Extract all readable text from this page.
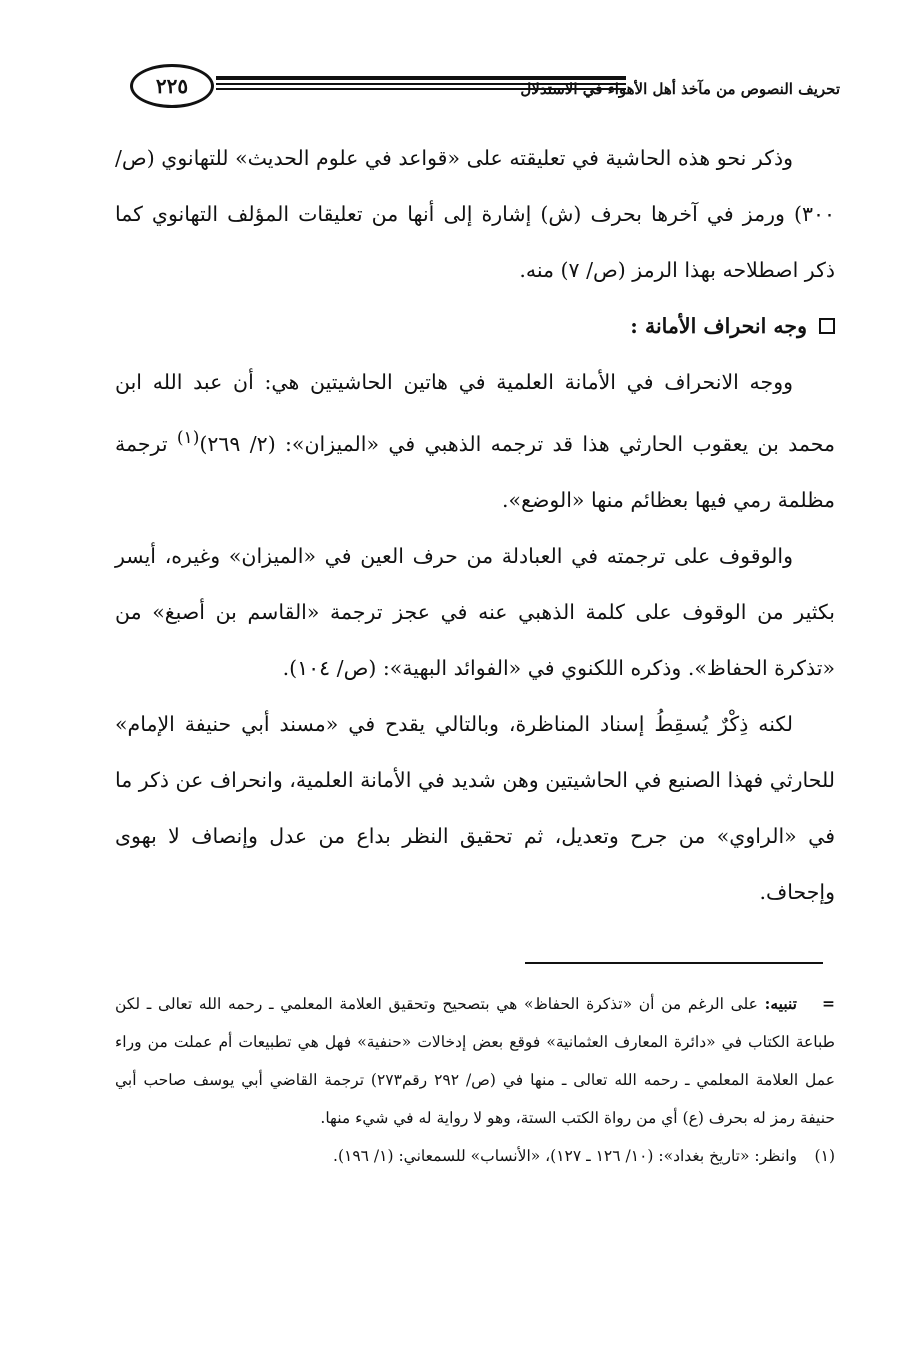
٢٢٥	تحريف النصوص من مآخذ أهل الأهواء في الاستدلال

وذكر نحو هذه الحاشية في تعليقته على «قواعد في علوم الحديث» للتهانوي (ص/ ٣٠٠) ورمز في آخرها بحرف (ش) إشارة إلى أنها من تعليقات المؤلف التهانوي كما ذكر اصطلاحه بهذا الرمز (ص/ ٧) منه.

وجه انحراف الأمانة :

ووجه الانحراف في الأمانة العلمية في هاتين الحاشيتين هي: أن عبد الله ابن محمد بن يعقوب الحارثي هذا قد ترجمه الذهبي في «الميزان»: (٢/ ٢٦٩)$^{(١)}$ ترجمة مظلمة رمي فيها بعظائم منها «الوضع».

والوقوف على ترجمته في العبادلة من حرف العين في «الميزان» وغيره، أيسر بكثير من الوقوف على كلمة الذهبي عنه في عجز ترجمة «القاسم بن أصبغ» من «تذكرة الحفاظ». وذكره اللكنوي في «الفوائد البهية»: (ص/ ١٠٤).

لكنه ذِكْرٌ يُسقِطُ إسناد المناظرة، وبالتالي يقدح في «مسند أبي حنيفة الإمام» للحارثي فهذا الصنيع في الحاشيتين وهن شديد في الأمانة العلمية، وانحراف عن ذكر ما في «الراوي» من جرح وتعديل، ثم تحقيق النظر بداع من عدل وإنصاف لا بهوى وإجحاف.

=تنبيه: على الرغم من أن «تذكرة الحفاظ» هي بتصحيح وتحقيق العلامة المعلمي ـ رحمه الله تعالى ـ لكن طباعة الكتاب في «دائرة المعارف العثمانية» فوقع بعض إدخالات «حنفية» فهل هي تطبيعات أم عملت من وراء عمل العلامة المعلمي ـ رحمه الله تعالى ـ منها في (ص/ ٢٩٢ رقم٢٧٣) ترجمة القاضي أبي يوسف صاحب أبي حنيفة رمز له بحرف (ع) أي من رواة الكتب الستة، وهو لا رواية له في شيء منها.

(١)وانظر: «تاريخ بغداد»: (١٠/ ١٢٦ ـ ١٢٧)، «الأنساب» للسمعاني: (١/ ١٩٦).
